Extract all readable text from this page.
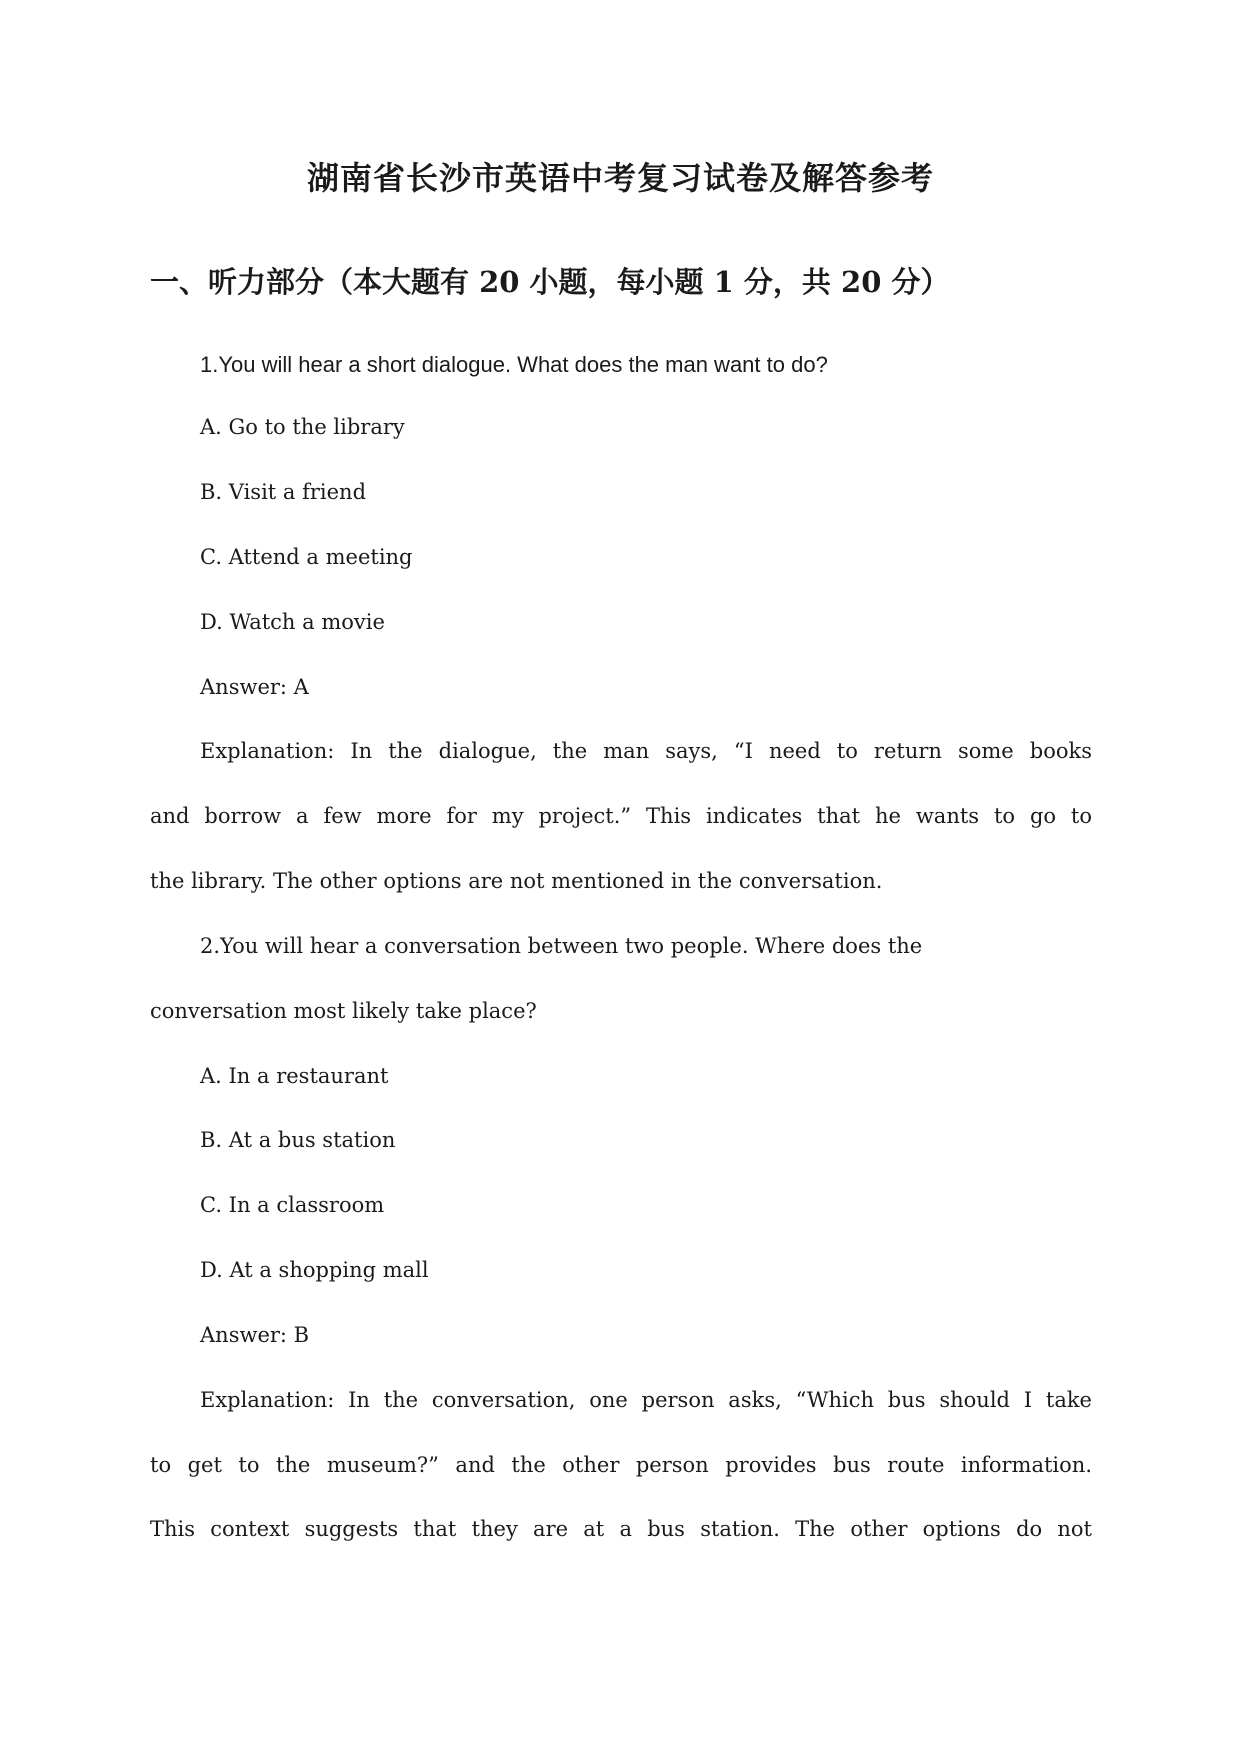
湖南省长沙市英语中考复习试卷及解答参考
一、听力部分（本大题有 20 小题，每小题 1 分，共 20 分）
1.You will hear a short dialogue. What does the man want to do?
A. Go to the library
B. Visit a friend
C. Attend a meeting
D. Watch a movie
Answer: A
Explanation: In the dialogue, the man says, “I need to return some books
and borrow a few more for my project.” This indicates that he wants to go to
the library. The other options are not mentioned in the conversation.
2.You will hear a conversation between two people. Where does the
conversation most likely take place?
A. In a restaurant
B. At a bus station
C. In a classroom
D. At a shopping mall
Answer: B
Explanation: In the conversation, one person asks, “Which bus should I take
to get to the museum?” and the other person provides bus route information.
This context suggests that they are at a bus station. The other options do not
